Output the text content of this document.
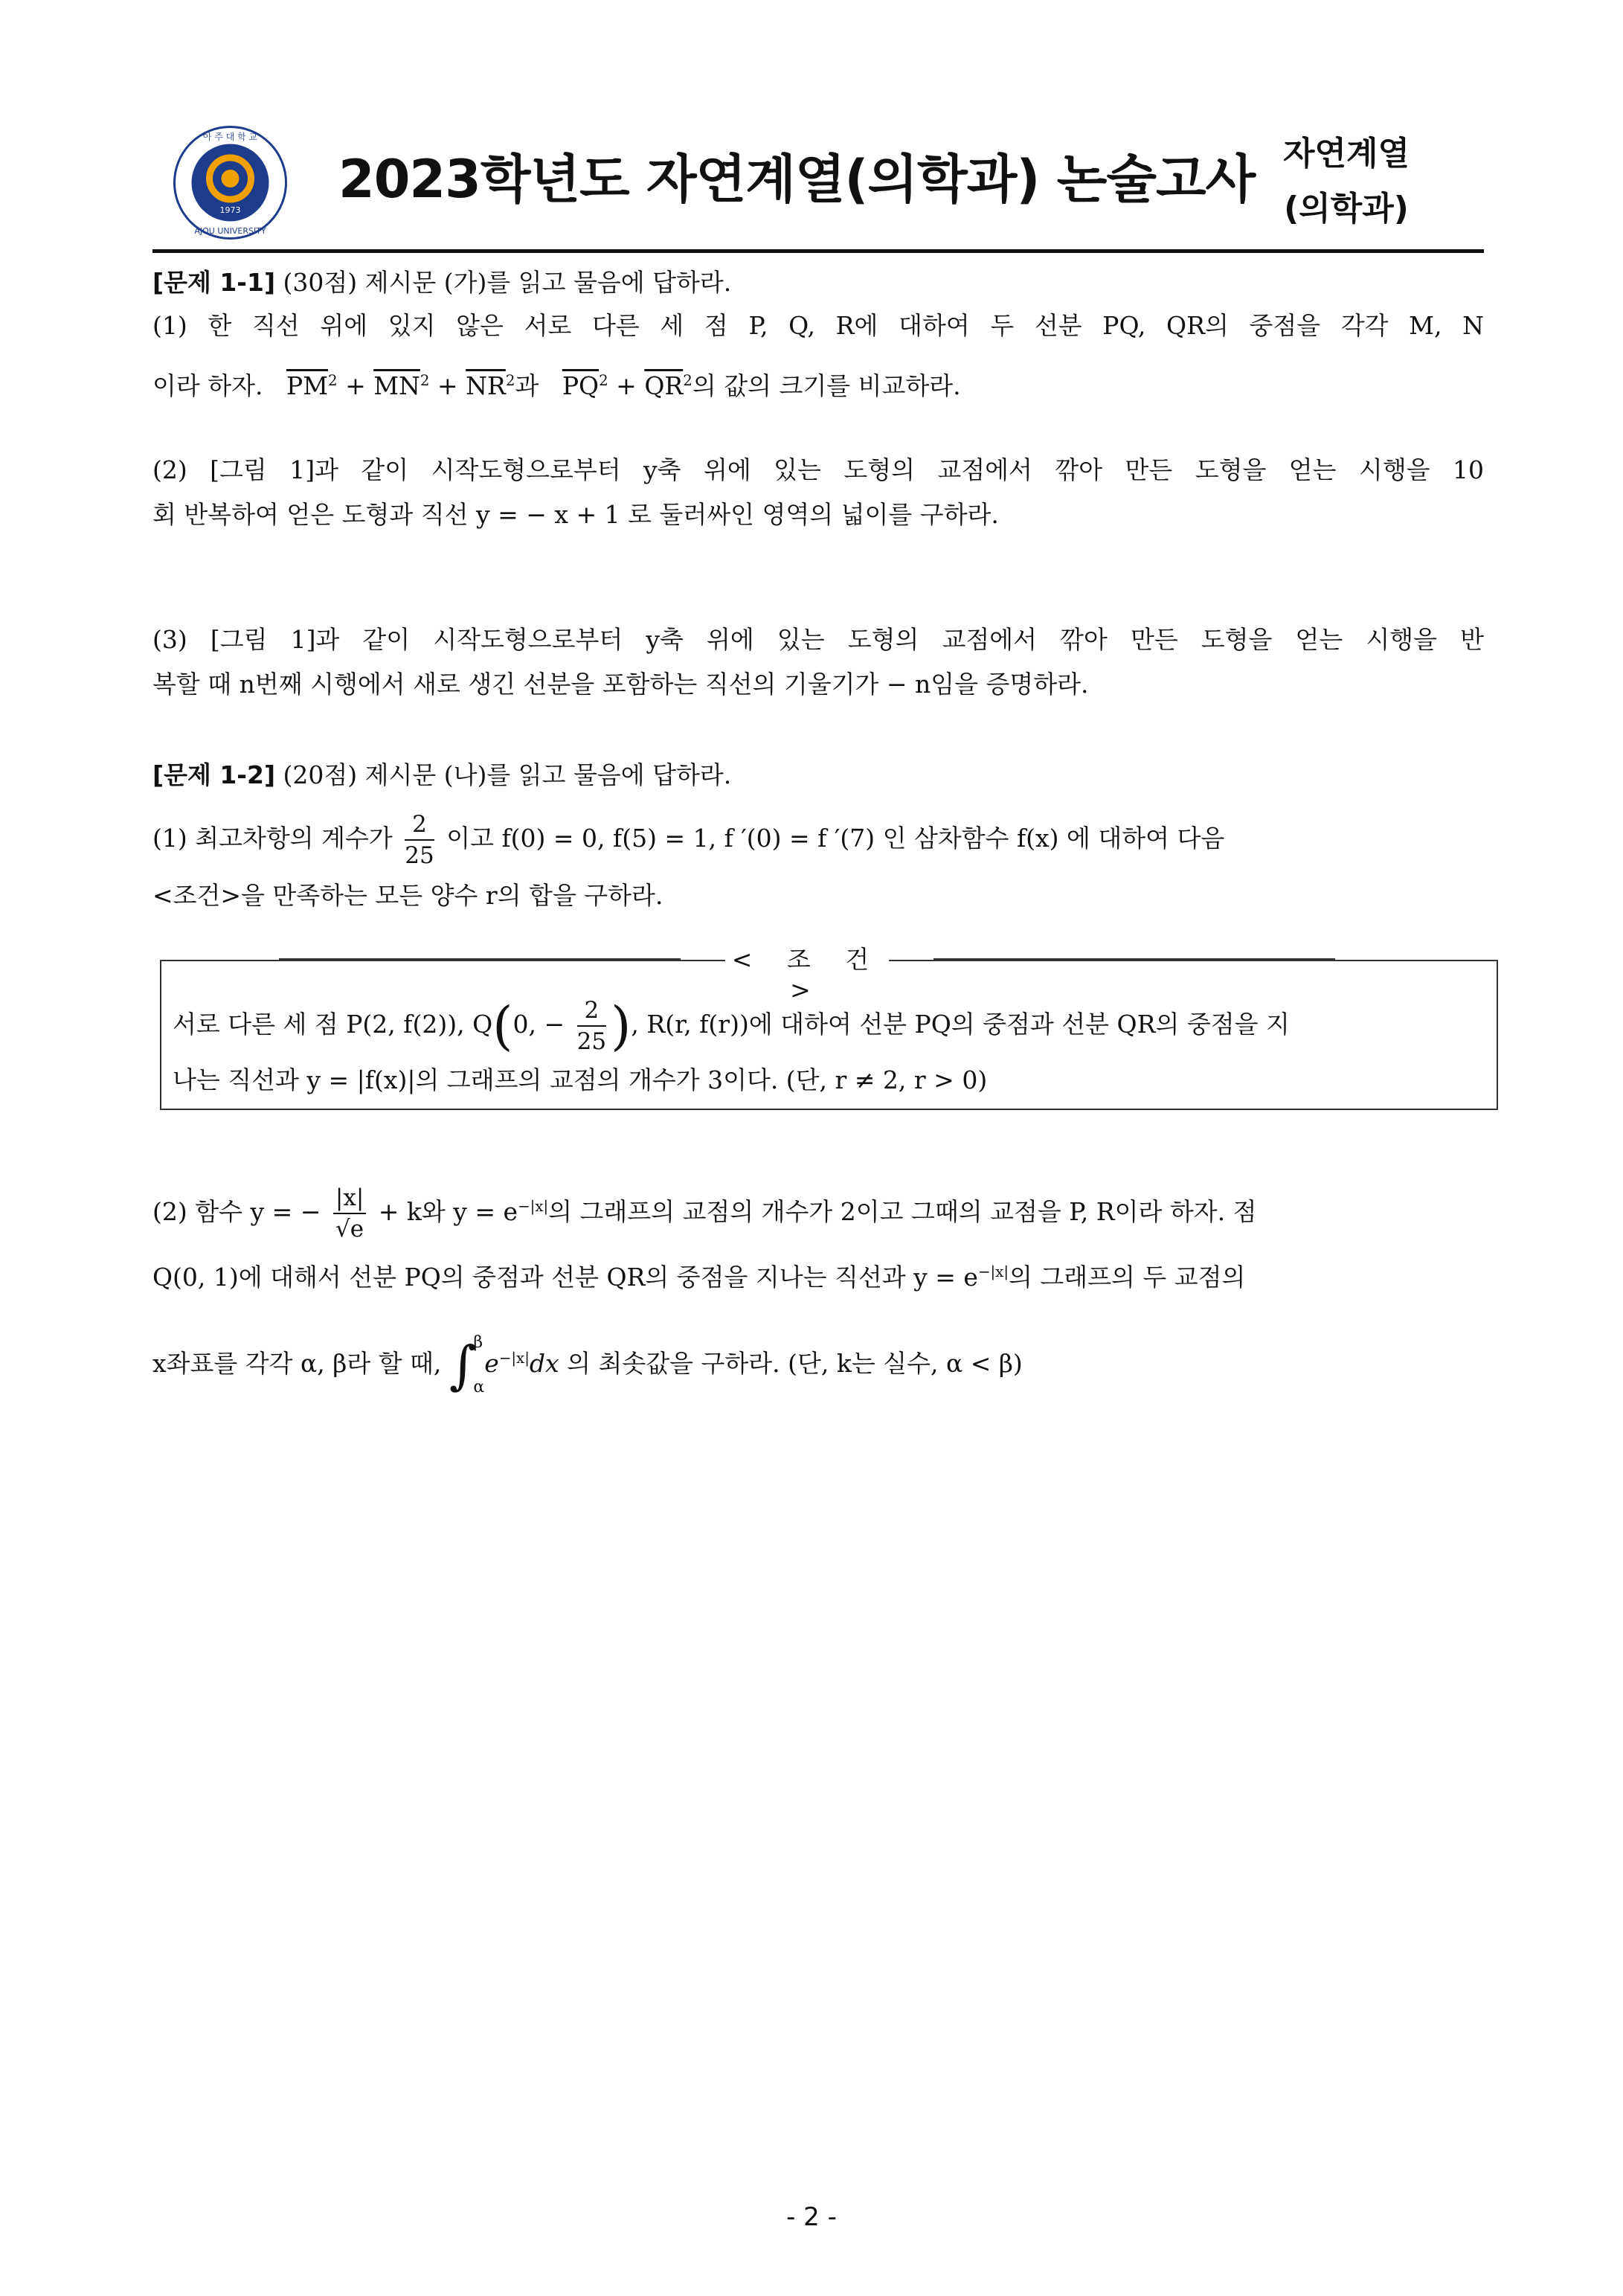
1973
아 주 대 학 교
AJOU UNIVERSITY
2023학년도 자연계열(의학과) 논술고사 자연계열
(의학과)
[문제 1-1] (30점) 제시문 (가)를 읽고 물음에 답하라.
(1) 한 직선 위에 있지 않은 서로 다른 세 점 P, Q, R에 대하여 두 선분 PQ, QR의 중점을 각각 M, N
이라 하자. $\overline{PM}^2 + \overline{MN}^2 + \overline{NR}^2$과 $\overline{PQ}^2 + \overline{QR}^2$의 값의 크기를 비교하라.
(2) [그림 1]과 같이 시작도형으로부터 y축 위에 있는 도형의 교점에서 깎아 만든 도형을 얻는 시행을 10
회 반복하여 얻은 도형과 직선 y = − x + 1 로 둘러싸인 영역의 넓이를 구하라.
(3) [그림 1]과 같이 시작도형으로부터 y축 위에 있는 도형의 교점에서 깎아 만든 도형을 얻는 시행을 반
복할 때 n번째 시행에서 새로 생긴 선분을 포함하는 직선의 기울기가 − n임을 증명하라.
[문제 1-2] (20점) 제시문 (나)를 읽고 물음에 답하라.
(1) 최고차항의 계수가 $\frac{2}{25}$ 이고 f(0) = 0, f(5) = 1, f ′(0) = f ′(7) 인 삼차함수 f(x) 에 대하여 다음
<조건>을 만족하는 모든 양수 r의 합을 구하라.
< 조 건 >
서로 다른 세 점 P(2, f(2)), Q(0, − $\frac{2}{25}$ ), R(r, f(r))에 대하여 선분 PQ의 중점과 선분 QR의 중점을 지
나는 직선과 y = |f(x)|의 그래프의 교점의 개수가 3이다. (단, r ≠ 2, r > 0)
(2) 함수 y = − $\frac{|x|}{√e} + k$와 $y = e^{-|x|}$의 그래프의 교점의 개수가 2이고 그때의 교점을 P, R이라 하자. 점
Q(0, 1)에 대해서 선분 PQ의 중점과 선분 QR의 중점을 지나는 직선과 $y = e^{-|x|}$의 그래프의 두 교점의
x좌표를 각각 α, β라 할 때, ∫
β
α
$e^{-|x|}dx$ 의 최솟값을 구하라. (단, k는 실수, α < β)
- 2 -
